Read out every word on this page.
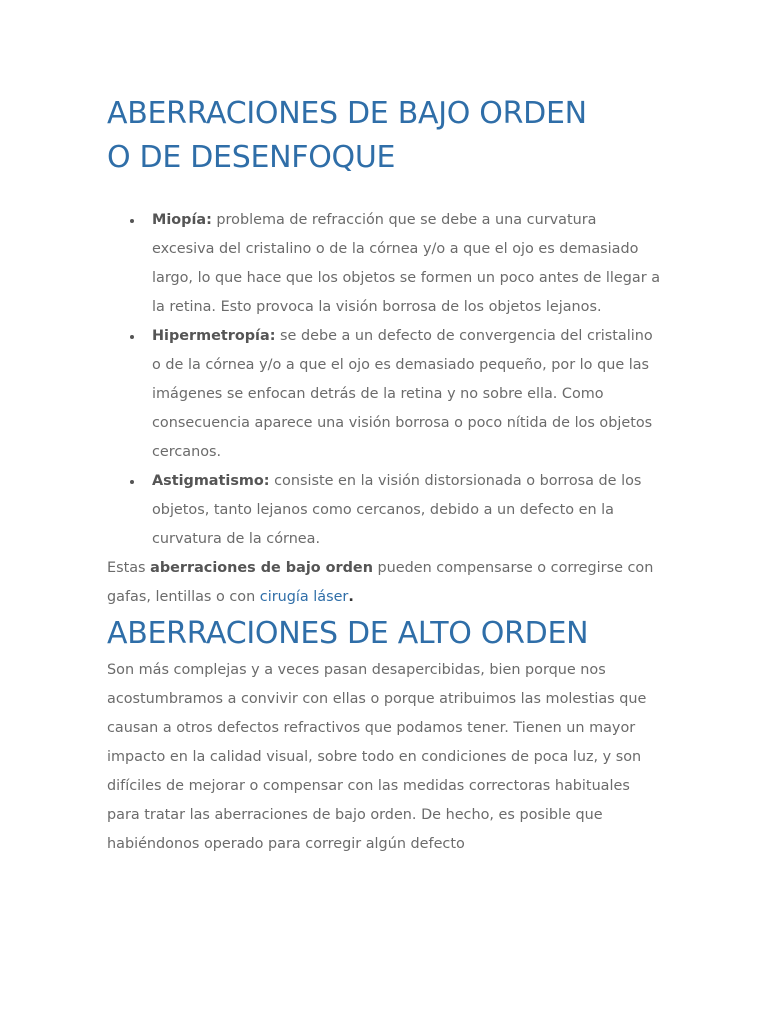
ABERRACIONES DE BAJO ORDEN
O DE DESENFOQUE
Miopía: problema de refracción que se debe a una curvatura excesiva del cristalino o de la córnea y/o a que el ojo es demasiado largo, lo que hace que los objetos se formen un poco antes de llegar a la retina. Esto provoca la visión borrosa de los objetos lejanos.
Hipermetropía: se debe a un defecto de convergencia del cristalino o de la córnea y/o a que el ojo es demasiado pequeño, por lo que las imágenes se enfocan detrás de la retina y no sobre ella. Como consecuencia aparece una visión borrosa o poco nítida de los objetos cercanos.
Astigmatismo: consiste en la visión distorsionada o borrosa de los objetos, tanto lejanos como cercanos, debido a un defecto en la curvatura de la córnea.

Estas aberraciones de bajo orden pueden compensarse o corregirse con gafas, lentillas o con cirugía láser.

ABERRACIONES DE ALTO ORDEN

Son más complejas y a veces pasan desapercibidas, bien porque nos acostumbramos a convivir con ellas o porque atribuimos las molestias que causan a otros defectos refractivos que podamos tener. Tienen un mayor impacto en la calidad visual, sobre todo en condiciones de poca luz, y son difíciles de mejorar o compensar con las medidas correctoras habituales para tratar las aberraciones de bajo orden. De hecho, es posible que habiéndonos operado para corregir algún defecto
